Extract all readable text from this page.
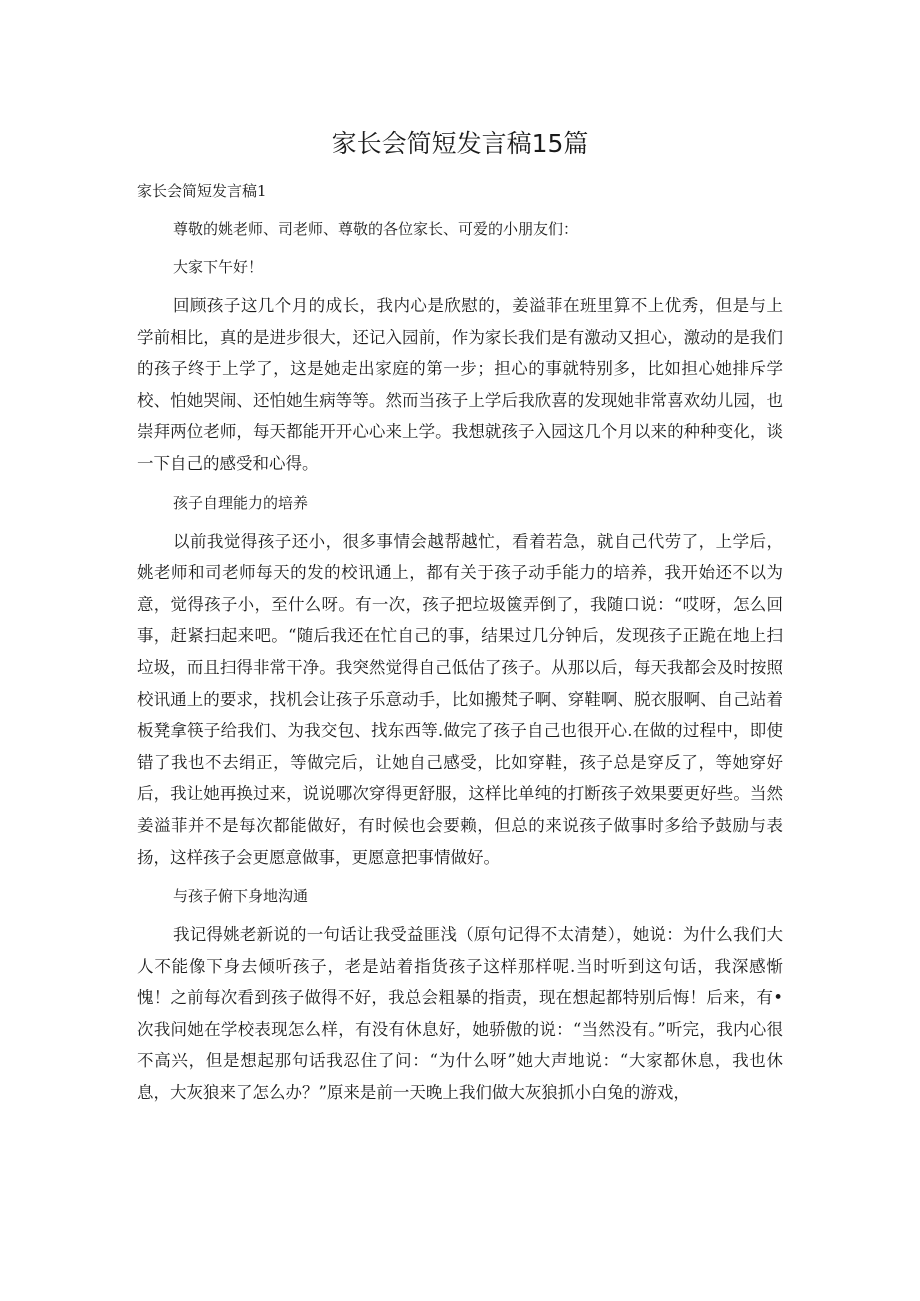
家长会简短发言稿15篇

家长会简短发言稿1

尊敬的姚老师、司老师、尊敬的各位家长、可爱的小朋友们：

大家下午好！

回顾孩子这几个月的成长，我内心是欣慰的，姜溢菲在班里算不上优秀，但是与上学前相比，真的是进步很大，还记入园前，作为家长我们是有激动又担心，激动的是我们的孩子终于上学了，这是她走出家庭的第一步；担心的事就特别多，比如担心她排斥学校、怕她哭闹、还怕她生病等等。然而当孩子上学后我欣喜的发现她非常喜欢幼儿园，也崇拜两位老师，每天都能开开心心来上学。我想就孩子入园这几个月以来的种种变化，谈一下自己的感受和心得。

孩子自理能力的培养

以前我觉得孩子还小，很多事情会越帮越忙，看着若急，就自己代劳了，上学后，姚老师和司老师每天的发的校讯通上，都有关于孩子动手能力的培养，我开始还不以为意，觉得孩子小，至什么呀。有一次，孩子把垃圾篋弄倒了，我随口说：“哎呀，怎么回事，赶紧扫起来吧。“随后我还在忙自己的事，结果过几分钟后，发现孩子正跪在地上扫垃圾，而且扫得非常干净。我突然觉得自己低估了孩子。从那以后，每天我都会及时按照校讯通上的要求，找机会让孩子乐意动手，比如搬梵子啊、穿鞋啊、脱衣服啊、自己站着板凳拿筷子给我们、为我交包、找东西等.做完了孩子自己也很开心.在做的过程中，即使错了我也不去绢正，等做完后，让她自己感受，比如穿鞋，孩子总是穿反了，等她穿好后，我让她再换过来，说说哪次穿得更舒服，这样比单纯的打断孩子效果要更好些。当然姜溢菲并不是每次都能做好，有时候也会要赖，但总的来说孩子做事时多给予鼓励与表扬，这样孩子会更愿意做事，更愿意把事情做好。

与孩子俯下身地沟通

我记得姚老新说的一句话让我受益匪浅（原句记得不太清楚），她说：为什么我们大人不能像下身去倾听孩子，老是站着指货孩子这样那样呢.当时听到这句话，我深感惭愧！之前每次看到孩子做得不好，我总会粗暴的指责，现在想起都特别后悔！后来，有•次我问她在学校表现怎么样，有没有休息好，她骄傲的说：“当然没有。”听完，我内心很不高兴，但是想起那句话我忍住了问：“为什么呀”她大声地说：“大家都休息，我也休息，大灰狼来了怎么办？”原来是前一天晚上我们做大灰狼抓小白兔的游戏，
